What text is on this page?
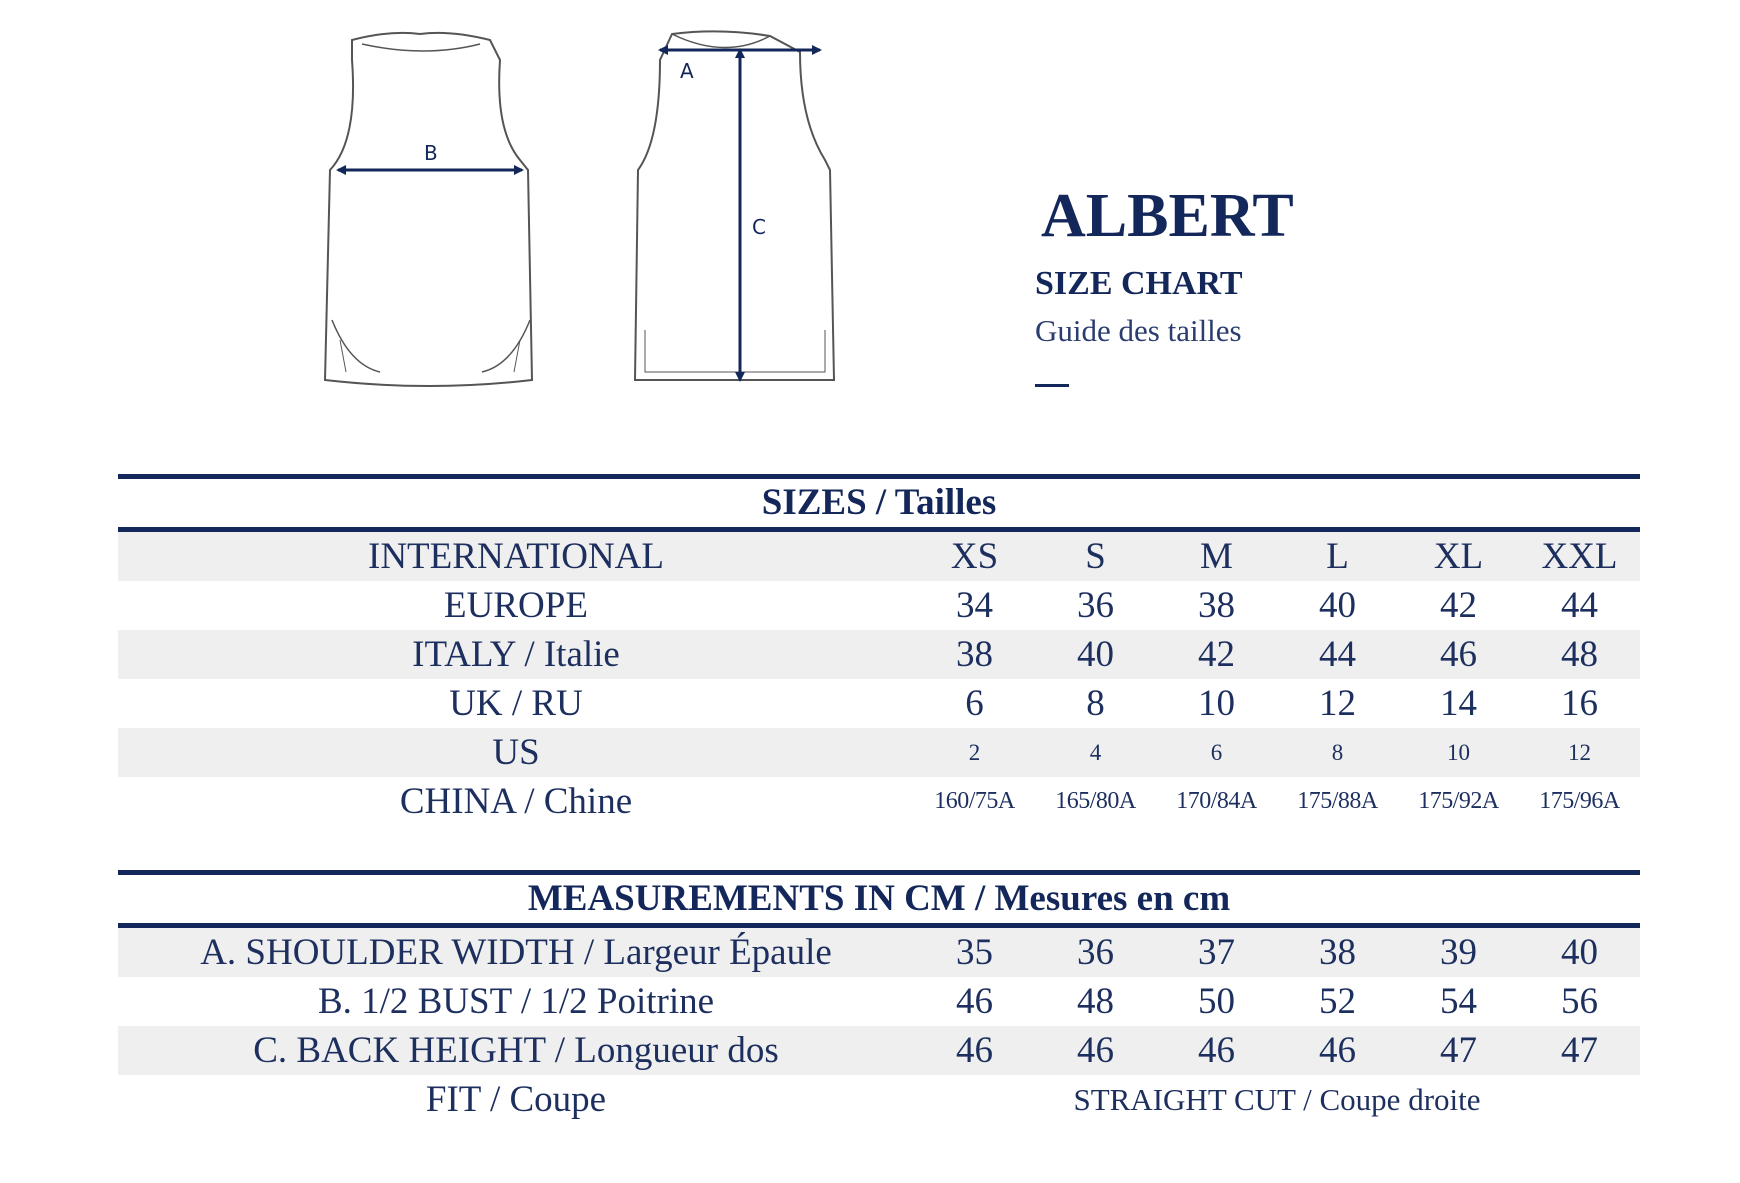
B
A
C	ALBERT
SIZE CHART
Guide des tailles
SIZES / Tailles
INTERNATIONAL	XS	S	M	L	XL	XXL
EUROPE	34	36	38	40	42	44
ITALY / Italie	38	40	42	44	46	48
UK / RU	6	8	10	12	14	16
US	2	4	6	8	10	12
CHINA / Chine	160/75A	165/80A	170/84A	175/88A	175/92A	175/96A
MEASUREMENTS IN CM / Mesures en cm
A. SHOULDER WIDTH / Largeur Épaule	35	36	37	38	39	40
B. 1/2 BUST / 1/2 Poitrine	46	48	50	52	54	56
C. BACK HEIGHT / Longueur dos	46	46	46	46	47	47
FIT / Coupe	STRAIGHT CUT / Coupe droite
